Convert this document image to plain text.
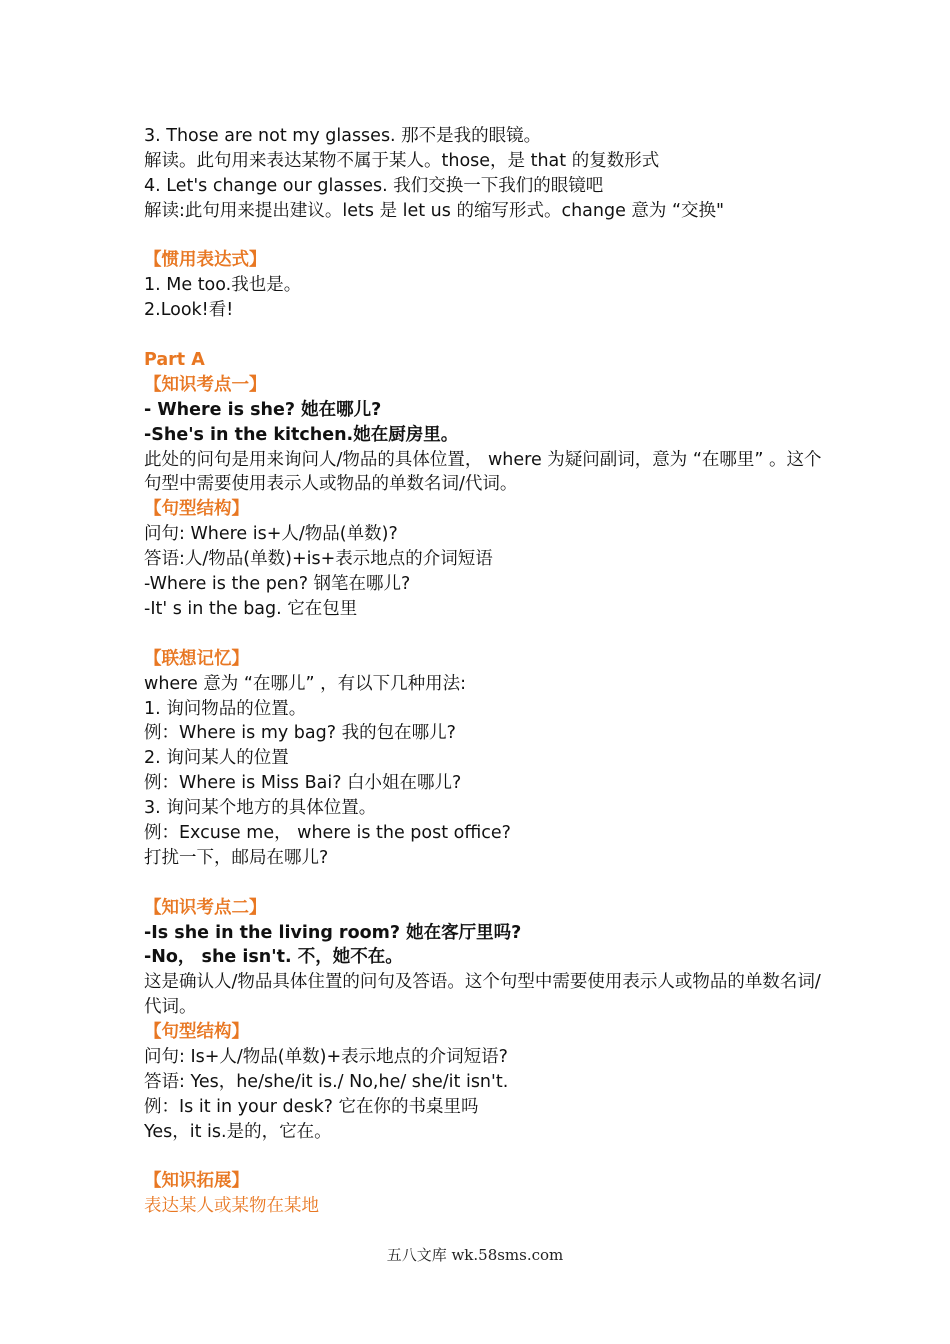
3. Those are not my glasses. 那不是我的眼镜。
解读。此句用来表达某物不属于某人。those，是 that 的复数形式
4. Let's change our glasses. 我们交换一下我们的眼镜吧
解读:此句用来提出建议。lets 是 let us 的缩写形式。change 意为 “交换"
【惯用表达式】
1. Me too.我也是。
2.Look!看!
Part A
【知识考点一】
- Where is she? 她在哪儿?
-She's in the kitchen.她在厨房里。
此处的问句是用来询问人/物品的具体位置， where 为疑问副词，意为 “在哪里” 。这个句型中需要使用表示人或物品的单数名词/代词。
【句型结构】
问句: Where is+人/物品(单数)?
答语:人/物品(单数)+is+表示地点的介词短语
-Where is the pen? 钢笔在哪儿?
-It' s in the bag. 它在包里
【联想记忆】
where 意为 “在哪儿” ，有以下几种用法:
1. 询问物品的位置。
例：Where is my bag? 我的包在哪儿?
2. 询问某人的位置
例：Where is Miss Bai? 白小姐在哪儿?
3. 询问某个地方的具体位置。
例：Excuse me， where is the post office?
打扰一下，邮局在哪儿?
【知识考点二】
-Is she in the living room? 她在客厅里吗?
-No， she isn't. 不，她不在。
这是确认人/物品具体住置的问句及答语。这个句型中需要使用表示人或物品的单数名词/代词。
【句型结构】
问句: Is+人/物品(单数)+表示地点的介词短语?
答语: Yes，he/she/it is./ No,he/ she/it isn't.
例：Is it in your desk? 它在你的书桌里吗
Yes，it is.是的，它在。
【知识拓展】
表达某人或某物在某地
五八文库 wk.58sms.com
